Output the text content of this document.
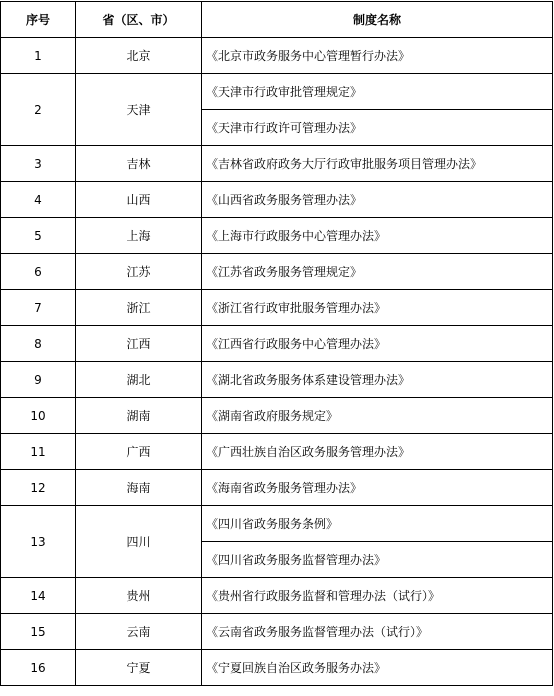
序号	省（区、市）	制度名称
1	北京	《北京市政务服务中心管理暂行办法》
2	天津	《天津市行政审批管理规定》
		《天津市行政许可管理办法》
3	吉林	《吉林省政府政务大厅行政审批服务项目管理办法》
4	山西	《山西省政务服务管理办法》
5	上海	《上海市行政服务中心管理办法》
6	江苏	《江苏省政务服务管理规定》
7	浙江	《浙江省行政审批服务管理办法》
8	江西	《江西省行政服务中心管理办法》
9	湖北	《湖北省政务服务体系建设管理办法》
10	湖南	《湖南省政府服务规定》
11	广西	《广西壮族自治区政务服务管理办法》
12	海南	《海南省政务服务管理办法》
13	四川	《四川省政务服务条例》
		《四川省政务服务监督管理办法》
14	贵州	《贵州省行政服务监督和管理办法（试行）》
15	云南	《云南省政务服务监督管理办法（试行）》
16	宁夏	《宁夏回族自治区政务服务办法》
